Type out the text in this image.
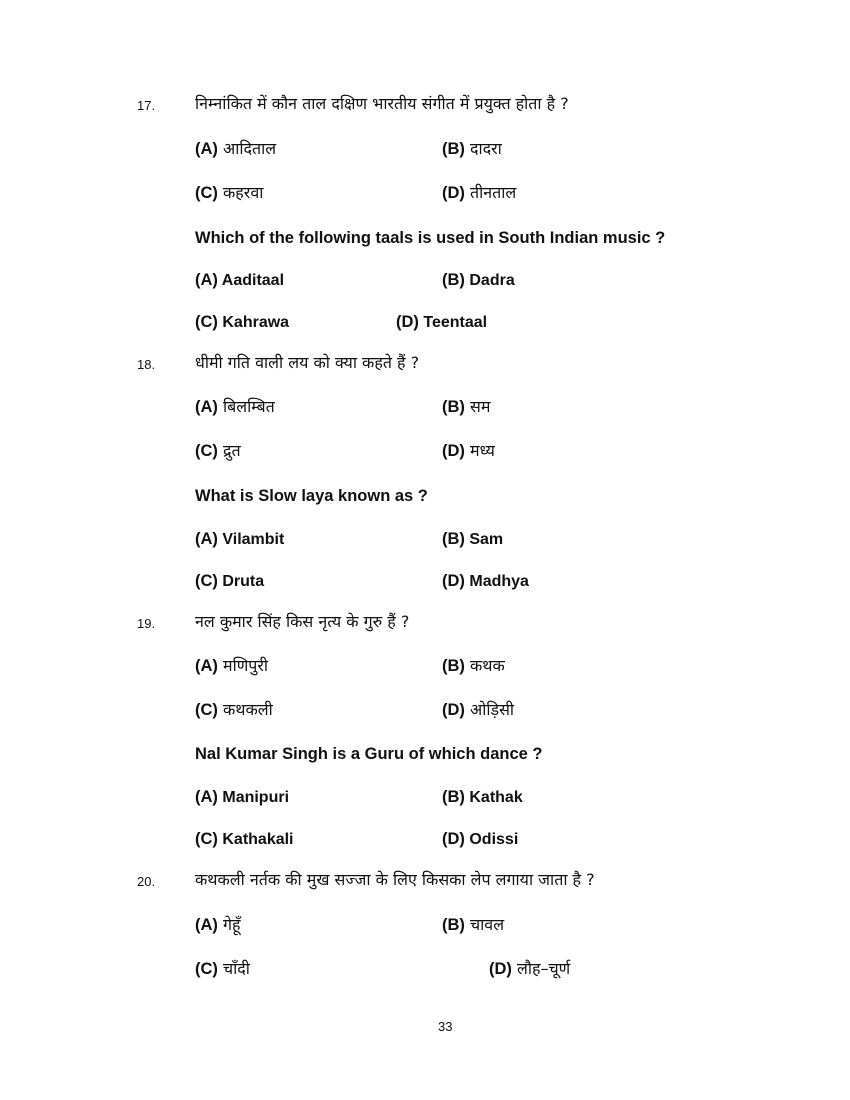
17. निम्नांकित में कौन ताल दक्षिण भारतीय संगीत में प्रयुक्त होता है ?
(A) आदिताल	(B) दादरा
(C) कहरवा	(D) तीनताल
Which of the following taals is used in South Indian music ?
(A) Aaditaal	(B) Dadra
(C) Kahrawa	(D) Teentaal
18. धीमी गति वाली लय को क्या कहते हैं ?
(A) बिलम्बित	(B) सम
(C) द्रुत	(D) मध्य
What is Slow laya known as ?
(A) Vilambit	(B) Sam
(C) Druta	(D) Madhya
19. नल कुमार सिंह किस नृत्य के गुरु हैं ?
(A) मणिपुरी	(B) कथक
(C) कथकली	(D) ओड़िसी
Nal Kumar Singh is a Guru of which dance ?
(A) Manipuri	(B) Kathak
(C) Kathakali	(D) Odissi
20. कथकली नर्तक की मुख सज्जा के लिए किसका लेप लगाया जाता है ?
(A) गेहूँ	(B) चावल
(C) चाँदी	(D) लौह–चूर्ण
33
